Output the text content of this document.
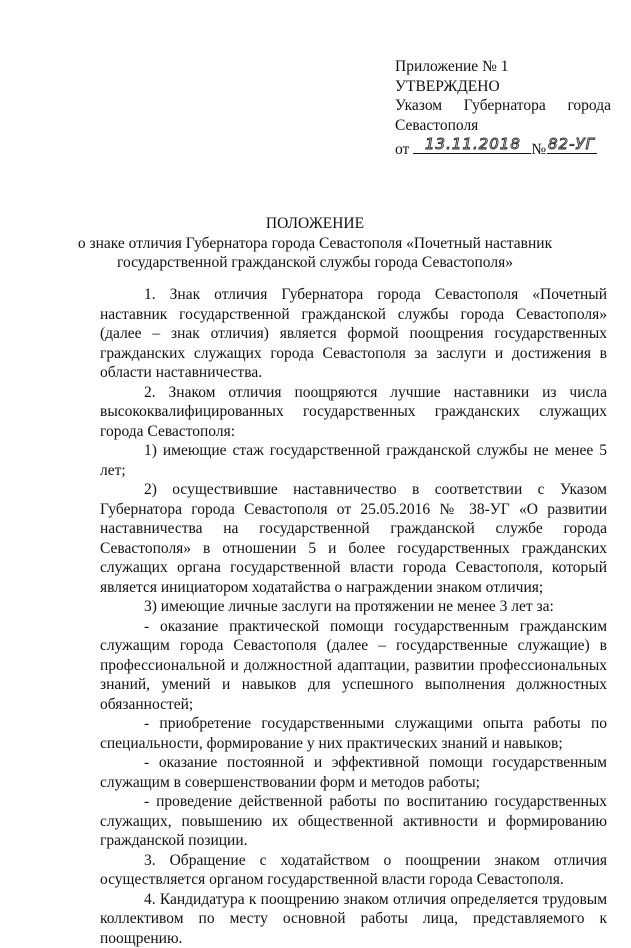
Приложение № 1
УТВЕРЖДЕНО
Указом Губернатора города
Севастополя
от 13.11.2018 № 82-УГ
ПОЛОЖЕНИЕ
о знаке отличия Губернатора города Севастополя «Почетный наставник
государственной гражданской службы города Севастополя»

1. Знак отличия Губернатора города Севастополя «Почетный наставник государственной гражданской службы города Севастополя» (далее – знак отличия) является формой поощрения государственных гражданских служащих города Севастополя за заслуги и достижения в области наставничества.

2. Знаком отличия поощряются лучшие наставники из числа высококвалифицированных государственных гражданских служащих города Севастополя:

1) имеющие стаж государственной гражданской службы не менее 5 лет;

2) осуществившие наставничество в соответствии с Указом Губернатора города Севастополя от 25.05.2016 № 38-УГ «О развитии наставничества на государственной гражданской службе города Севастополя» в отношении 5 и более государственных гражданских служащих органа государственной власти города Севастополя, который является инициатором ходатайства о награждении знаком отличия;

3) имеющие личные заслуги на протяжении не менее 3 лет за:

- оказание практической помощи государственным гражданским служащим города Севастополя (далее – государственные служащие) в профессиональной и должностной адаптации, развитии профессиональных знаний, умений и навыков для успешного выполнения должностных обязанностей;

- приобретение государственными служащими опыта работы по специальности, формирование у них практических знаний и навыков;

- оказание постоянной и эффективной помощи государственным служащим в совершенствовании форм и методов работы;

- проведение действенной работы по воспитанию государственных служащих, повышению их общественной активности и формированию гражданской позиции.

3. Обращение с ходатайством о поощрении знаком отличия осуществляется органом государственной власти города Севастополя.

4. Кандидатура к поощрению знаком отличия определяется трудовым коллективом по месту основной работы лица, представляемого к поощрению.
